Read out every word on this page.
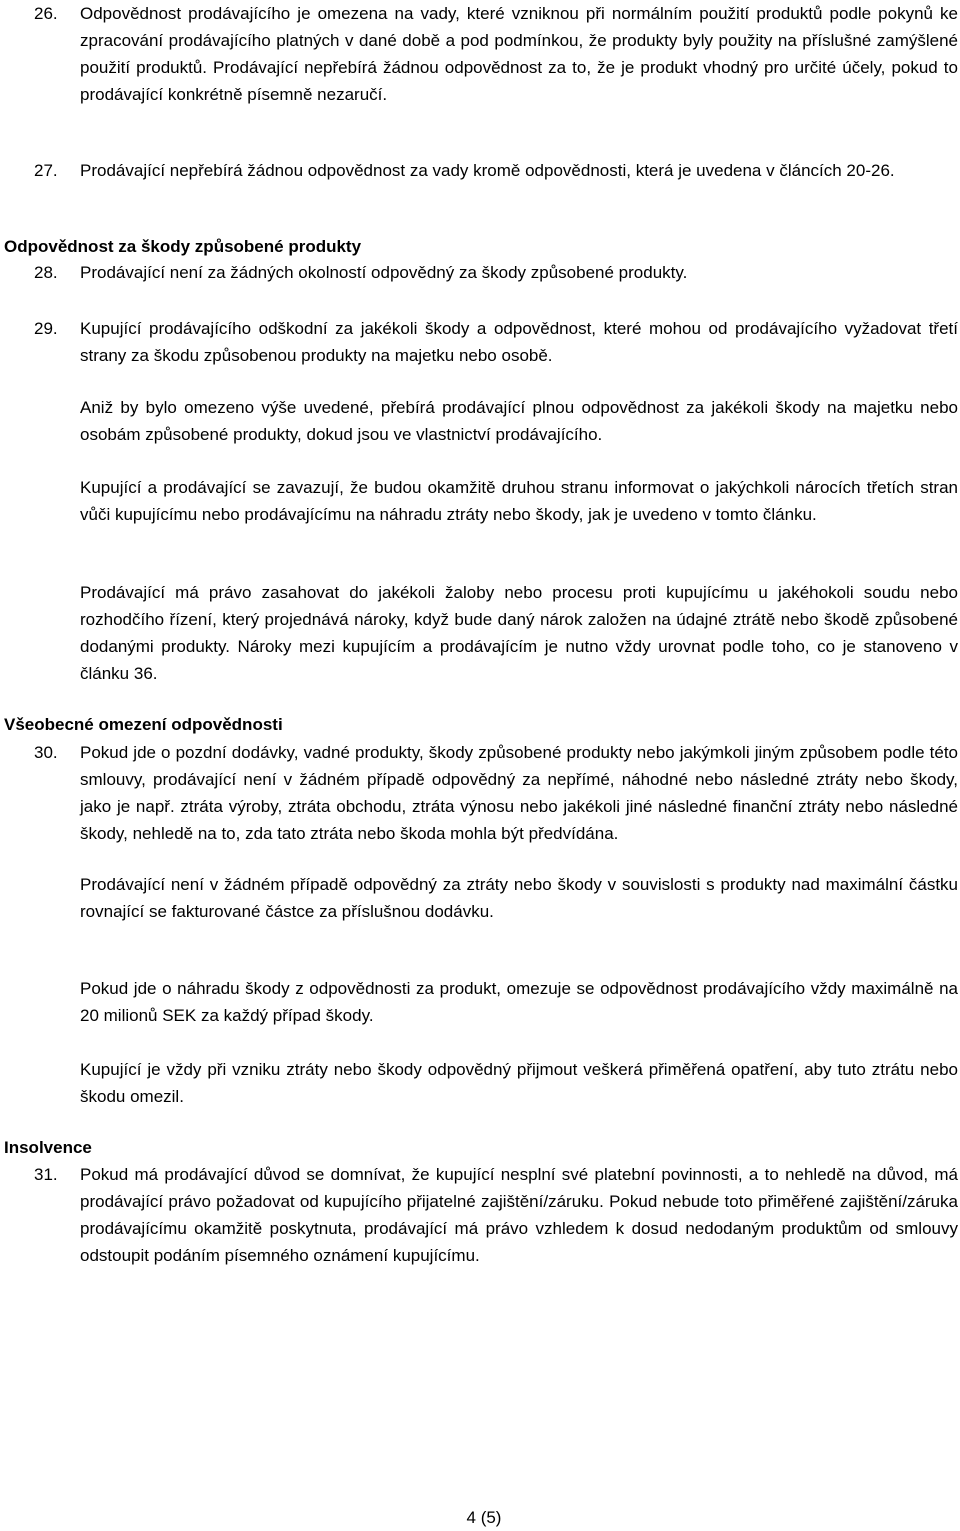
26. Odpovědnost prodávajícího je omezena na vady, které vzniknou při normálním použití produktů podle pokynů ke zpracování prodávajícího platných v dané době a pod podmínkou, že produkty byly použity na příslušné zamýšlené použití produktů. Prodávající nepřebírá žádnou odpovědnost za to, že je produkt vhodný pro určité účely, pokud to prodávající konkrétně písemně nezaručí.
27. Prodávající nepřebírá žádnou odpovědnost za vady kromě odpovědnosti, která je uvedena v článcích 20-26.
Odpovědnost za škody způsobené produkty
28. Prodávající není za žádných okolností odpovědný za škody způsobené produkty.
29. Kupující prodávajícího odškodní za jakékoli škody a odpovědnost, které mohou od prodávajícího vyžadovat třetí strany za škodu způsobenou produkty na majetku nebo osobě.
Aniž by bylo omezeno výše uvedené, přebírá prodávající plnou odpovědnost za jakékoli škody na majetku nebo osobám způsobené produkty, dokud jsou ve vlastnictví prodávajícího.
Kupující a prodávající se zavazují, že budou okamžitě druhou stranu informovat o jakýchkoli nárocích třetích stran vůči kupujícímu nebo prodávajícímu na náhradu ztráty nebo škody, jak je uvedeno v tomto článku.
Prodávající má právo zasahovat do jakékoli žaloby nebo procesu proti kupujícímu u jakéhokoli soudu nebo rozhodčího řízení, který projednává nároky, když bude daný nárok založen na údajné ztrátě nebo škodě způsobené dodanými produkty. Nároky mezi kupujícím a prodávajícím je nutno vždy urovnat podle toho, co je stanoveno v článku 36.
Všeobecné omezení odpovědnosti
30. Pokud jde o pozdní dodávky, vadné produkty, škody způsobené produkty nebo jakýmkoli jiným způsobem podle této smlouvy, prodávající není v žádném případě odpovědný za nepřímé, náhodné nebo následné ztráty nebo škody, jako je např. ztráta výroby, ztráta obchodu, ztráta výnosu nebo jakékoli jiné následné finanční ztráty nebo následné škody, nehledě na to, zda tato ztráta nebo škoda mohla být předvídána.
Prodávající není v žádném případě odpovědný za ztráty nebo škody v souvislosti s produkty nad maximální částku rovnající se fakturované částce za příslušnou dodávku.
Pokud jde o náhradu škody z odpovědnosti za produkt, omezuje se odpovědnost prodávajícího vždy maximálně na 20 milionů SEK za každý případ škody.
Kupující je vždy při vzniku ztráty nebo škody odpovědný přijmout veškerá přiměřená opatření, aby tuto ztrátu nebo škodu omezil.
Insolvence
31. Pokud má prodávající důvod se domnívat, že kupující nesplní své platební povinnosti, a to nehledě na důvod, má prodávající právo požadovat od kupujícího přijatelné zajištění/záruku. Pokud nebude toto přiměřené zajištění/záruka prodávajícímu okamžitě poskytnuta, prodávající má právo vzhledem k dosud nedodaným produktům od smlouvy odstoupit podáním písemného oznámení kupujícímu.
4 (5)
